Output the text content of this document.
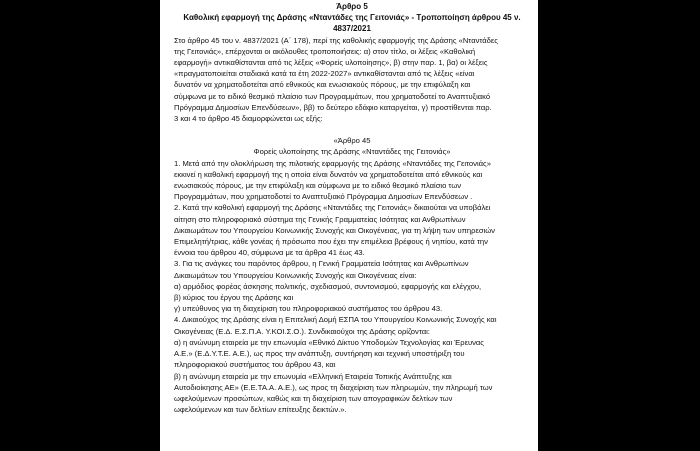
Άρθρο 5

Καθολική εφαρμογή της Δράσης «Νταντάδες της Γειτονιάς» - Τροποποίηση άρθρου 45 ν.

4837/2021

Στο άρθρο 45 του ν. 4837/2021 (Α΄ 178), περί της καθολικής εφαρμογής της Δράσης «Νταντάδες
της Γειτονιάς», επέρχονται οι ακόλουθες τροποποιήσεις: α) στον τίτλο, οι λέξεις «Καθολική
εφαρμογή» αντικαθίστανται από τις λέξεις «Φορείς υλοποίησης», β) στην παρ. 1, βα) οι λέξεις
«πραγματοποιείται σταδιακά κατά τα έτη 2022-2027» αντικαθίστανται από τις λέξεις «είναι
δυνατόν να χρηματοδοτείται από εθνικούς και ενωσιακούς πόρους, με την επιφύλαξη και
σύμφωνα με το ειδικό θεσμικό πλαίσιο των Προγραμμάτων, που χρηματοδοτεί το Αναπτυξιακό
Πρόγραμμα Δημοσίων Επενδύσεων», ββ) το δεύτερο εδάφιο καταργείται, γ) προστίθενται παρ.
3 και 4 το άρθρο 45 διαμορφώνεται ως εξής:

«Άρθρο 45

Φορείς υλοποίησης της Δράσης «Νταντάδες της Γειτονιάς»

1. Μετά από την ολοκλήρωση της πιλοτικής εφαρμογής της Δράσης «Νταντάδες της Γειτονιάς»
εκκινεί η καθολική εφαρμογή της η οποία είναι δυνατόν να χρηματοδοτείται από εθνικούς και
ενωσιακούς πόρους, με την επιφύλαξη και σύμφωνα με το ειδικό θεσμικό πλαίσιο των
Προγραμμάτων, που χρηματοδοτεί το Αναπτυξιακό Πρόγραμμα Δημοσίων Επενδύσεων .
2. Κατά την καθολική εφαρμογή της Δράσης «Νταντάδες της Γειτονιάς» δικαιούται να υποβάλει
αίτηση στο πληροφοριακό σύστημα της Γενικής Γραμματείας Ισότητας και Ανθρωπίνων
Δικαιωμάτων του Υπουργείου Κοινωνικής Συνοχής και Οικογένειας, για τη λήψη των υπηρεσιών
Επιμελητή/τριας, κάθε γονέας ή πρόσωπο που έχει την επιμέλεια βρέφους ή νηπίου, κατά την
έννοια του άρθρου 40, σύμφωνα με τα άρθρα 41 έως 43.
3. Για τις ανάγκες του παρόντος άρθρου, η Γενική Γραμματεία Ισότητας και Ανθρωπίνων
Δικαιωμάτων του Υπουργείου Κοινωνικής Συνοχής και Οικογένειας είναι:
α) αρμόδιος φορέας άσκησης πολιτικής, σχεδιασμού, συντονισμού, εφαρμογής και ελέγχου,
β) κύριος του έργου της Δράσης και
γ) υπεύθυνος για τη διαχείριση του πληροφοριακού συστήματος του άρθρου 43.
4. Δικαιούχος της Δράσης είναι η Επιτελική Δομή ΕΣΠΑ του Υπουργείου Κοινωνικής Συνοχής και
Οικογένειας (Ε.Δ. Ε.Σ.Π.Α. Υ.ΚΟΙ.Σ.Ο.). Συνδικαιούχοι της Δράσης ορίζονται:
α) η ανώνυμη εταιρεία με την επωνυμία «Εθνικό Δίκτυο Υποδομών Τεχνολογίας και Έρευνας
Α.Ε.» (Ε.Δ.Υ.Τ.Ε. Α.Ε.), ως προς την ανάπτυξη, συντήρηση και τεχνική υποστήριξη του
πληροφοριακού συστήματος του άρθρου 43, και
β) η ανώνυμη εταιρεία με την επωνυμία «Ελληνική Εταιρεία Τοπικής Ανάπτυξης και
Αυτοδιοίκησης ΑΕ» (Ε.Ε.ΤΑ.Α. Α.Ε.), ως προς τη διαχείριση των πληρωμών, την πληρωμή των
ωφελούμενων προσώπων, καθώς και τη διαχείριση των απογραφικών δελτίων των
ωφελούμενων και των δελτίων επίτευξης δεικτών.».
